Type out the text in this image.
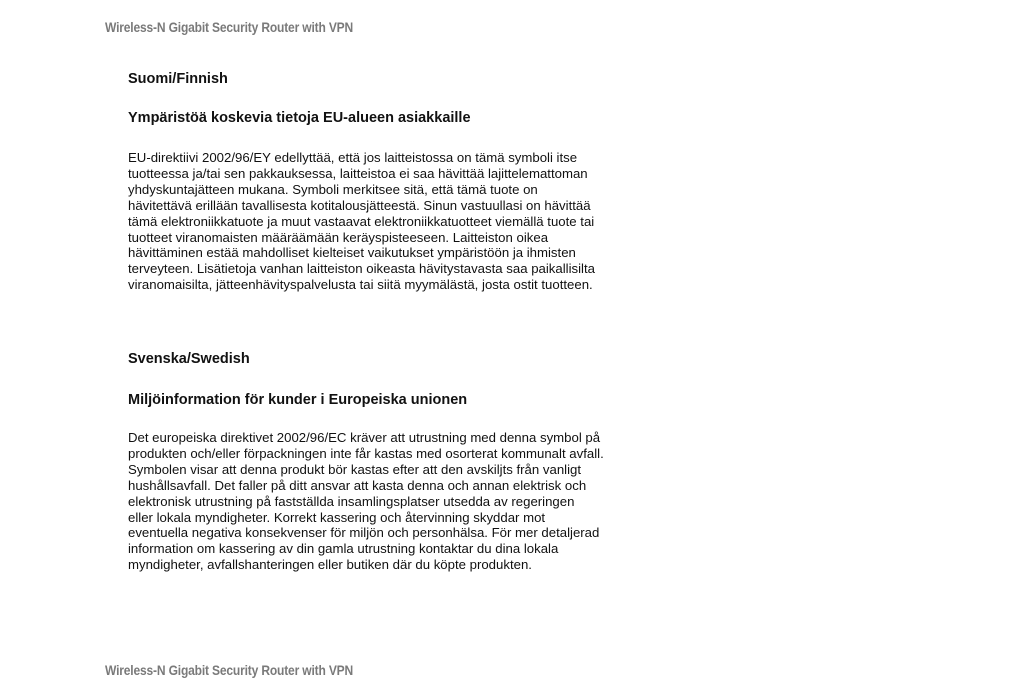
Wireless-N Gigabit Security Router with VPN
Suomi/Finnish
Ympäristöä koskevia tietoja EU-alueen asiakkaille

EU-direktiivi 2002/96/EY edellyttää, että jos laitteistossa on tämä symboli itse
tuotteessa ja/tai sen pakkauksessa, laitteistoa ei saa hävittää lajittelemattoman
yhdyskuntajätteen mukana. Symboli merkitsee sitä, että tämä tuote on
hävitettävä erillään tavallisesta kotitalousjätteestä. Sinun vastuullasi on hävittää
tämä elektroniikkatuote ja muut vastaavat elektroniikkatuotteet viemällä tuote tai
tuotteet viranomaisten määräämään keräyspisteeseen. Laitteiston oikea
hävittäminen estää mahdolliset kielteiset vaikutukset ympäristöön ja ihmisten
terveyteen. Lisätietoja vanhan laitteiston oikeasta hävitystavasta saa paikallisilta
viranomaisilta, jätteenhävityspalvelusta tai siitä myymälästä, josta ostit tuotteen.

Svenska/Swedish
Miljöinformation för kunder i Europeiska unionen

Det europeiska direktivet 2002/96/EC kräver att utrustning med denna symbol på
produkten och/eller förpackningen inte får kastas med osorterat kommunalt avfall.
Symbolen visar att denna produkt bör kastas efter att den avskiljts från vanligt
hushållsavfall. Det faller på ditt ansvar att kasta denna och annan elektrisk och
elektronisk utrustning på fastställda insamlingsplatser utsedda av regeringen
eller lokala myndigheter. Korrekt kassering och återvinning skyddar mot
eventuella negativa konsekvenser för miljön och personhälsa. För mer detaljerad
information om kassering av din gamla utrustning kontaktar du dina lokala
myndigheter, avfallshanteringen eller butiken där du köpte produkten.

Wireless-N Gigabit Security Router with VPN
